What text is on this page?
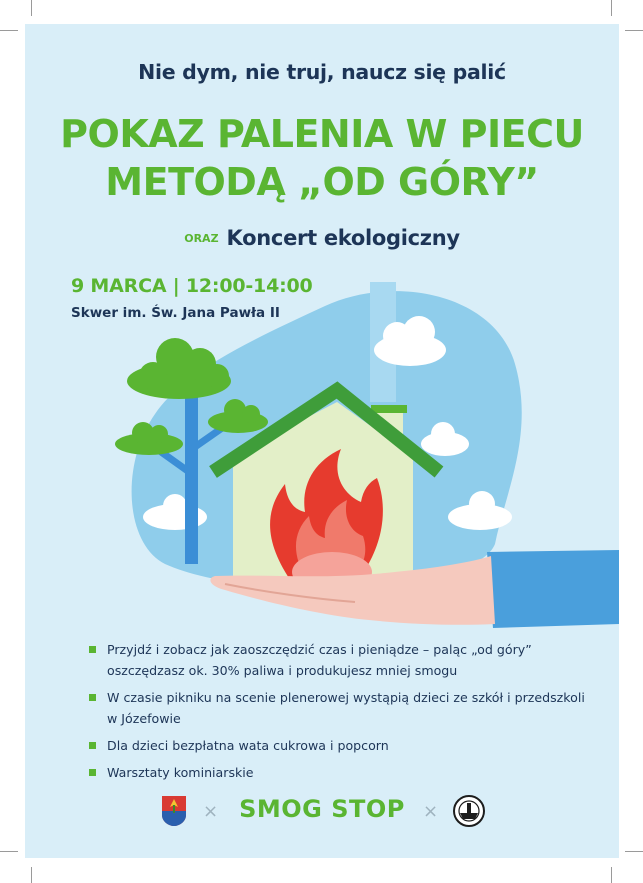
Nie dym, nie truj, naucz się palić
POKAZ PALENIA W PIECU
METODĄ „OD GÓRY”
ORAZ Koncert ekologiczny
9 MARCA | 12:00-14:00
Skwer im. Św. Jana Pawła II
Przyjdź i zobacz jak zaoszczędzić czas i pieniądze – paląc „od góry” oszczędzasz ok. 30% paliwa i produkujesz mniej smogu
W czasie pikniku na scenie plenerowej wystąpią dzieci ze szkół i przedszkoli w Józefowie
Dla dzieci bezpłatna wata cukrowa i popcorn
Warsztaty kominiarskie
× SMOG STOP	×
